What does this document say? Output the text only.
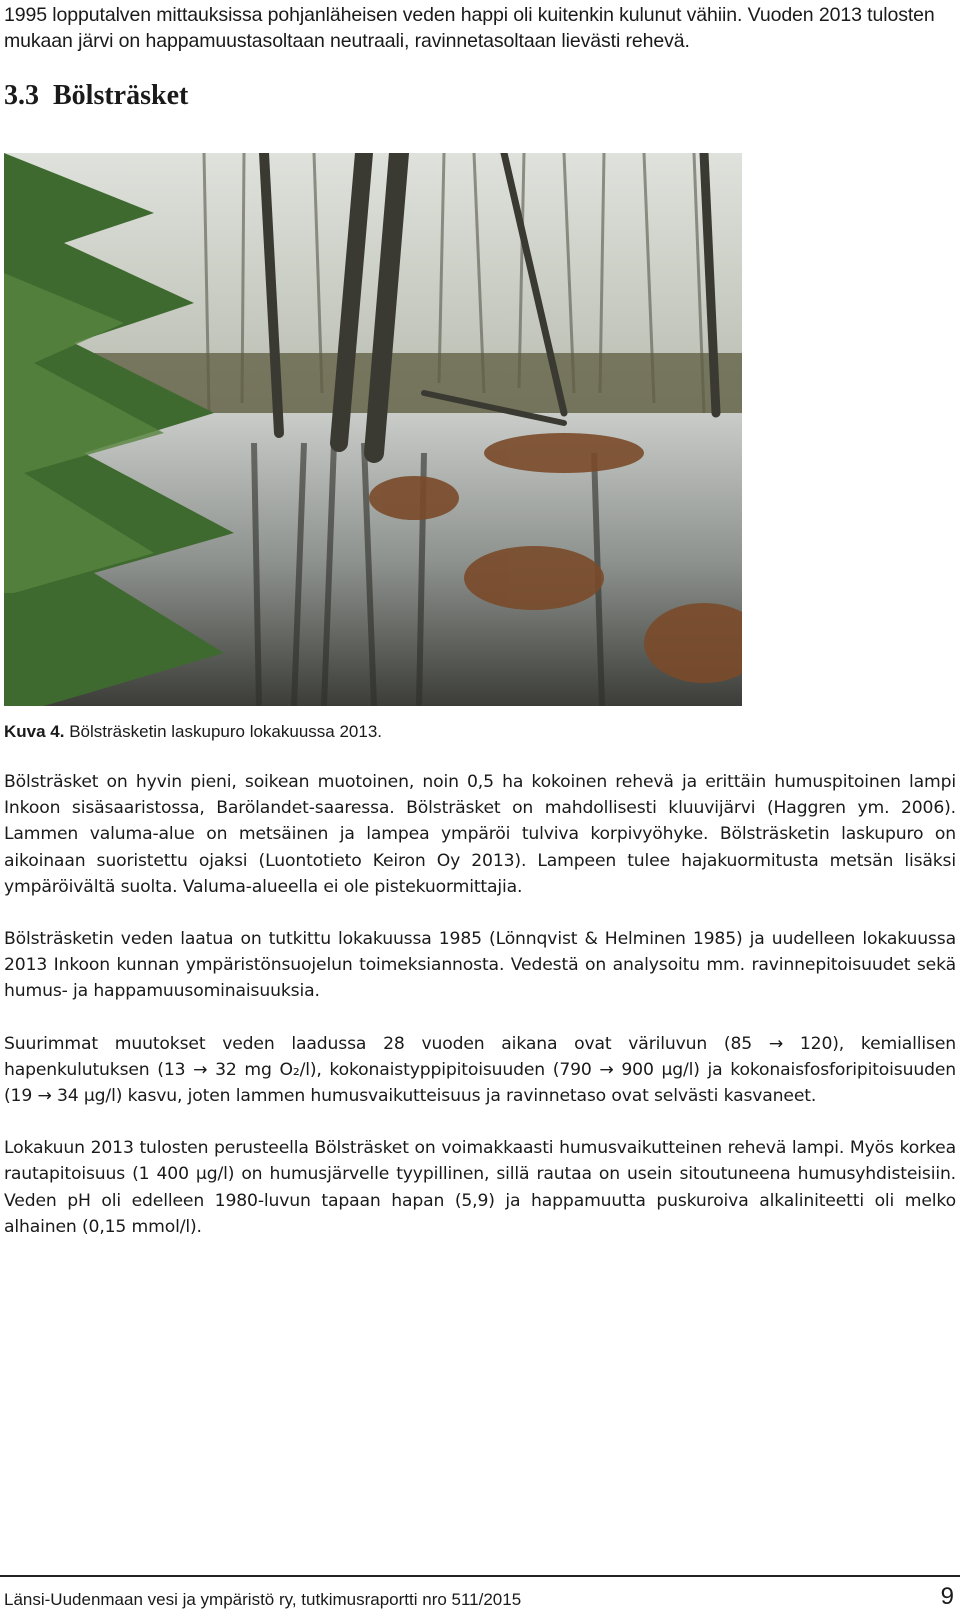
1995 lopputalven mittauksissa pohjanläheisen veden happi oli kuitenkin kulunut vähiin. Vuoden 2013 tulosten mukaan järvi on happamuustasoltaan neutraali, ravinnetasoltaan lievästi rehevä.
3.3 Bölsträsket
Kuva 4. Bölsträsketin laskupuro lokakuussa 2013.

Bölsträsket on hyvin pieni, soikean muotoinen, noin 0,5 ha kokoinen rehevä ja erittäin humuspitoinen lampi Inkoon sisäsaaristossa, Barölandet-saaressa. Bölsträsket on mahdollisesti kluuvijärvi (Haggren ym. 2006). Lammen valuma-alue on metsäinen ja lampea ympäröi tulviva korpivyöhyke. Bölsträsketin laskupuro on aikoinaan suoristettu ojaksi (Luontotieto Keiron Oy 2013). Lampeen tulee hajakuormitusta metsän lisäksi ympäröivältä suolta. Valuma-alueella ei ole pistekuormittajia.

Bölsträsketin veden laatua on tutkittu lokakuussa 1985 (Lönnqvist & Helminen 1985) ja uudelleen lokakuussa 2013 Inkoon kunnan ympäristönsuojelun toimeksiannosta. Vedestä on analysoitu mm. ravinnepitoisuudet sekä humus- ja happamuusominaisuuksia.

Suurimmat muutokset veden laadussa 28 vuoden aikana ovat väriluvun (85 → 120), kemiallisen hapenkulutuksen (13 → 32 mg O₂/l), kokonaistyppipitoisuuden (790 → 900 µg/l) ja kokonaisfosforipitoisuuden (19 → 34 µg/l) kasvu, joten lammen humusvaikutteisuus ja ravinnetaso ovat selvästi kasvaneet.

Lokakuun 2013 tulosten perusteella Bölsträsket on voimakkaasti humusvaikutteinen rehevä lampi. Myös korkea rautapitoisuus (1 400 µg/l) on humusjärvelle tyypillinen, sillä rautaa on usein sitoutuneena humusyhdisteisiin. Veden pH oli edelleen 1980-luvun tapaan hapan (5,9) ja happamuutta puskuroiva alkaliniteetti oli melko alhainen (0,15 mmol/l).

Länsi-Uudenmaan vesi ja ympäristö ry, tutkimusraportti nro 511/2015	9
